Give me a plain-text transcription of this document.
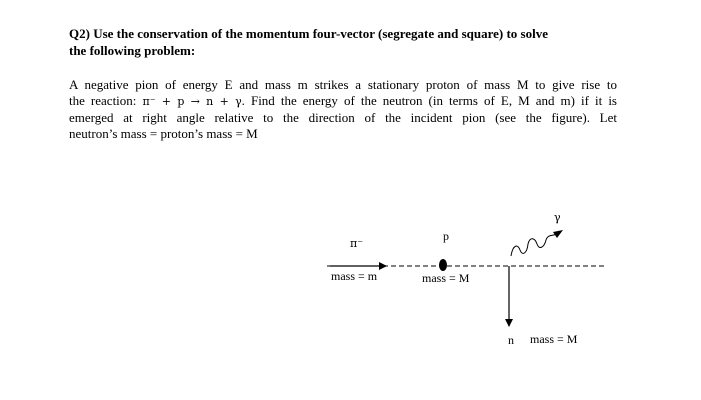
Q2) Use the conservation of the momentum four-vector (segregate and square) to solve
the following problem:
A negative pion of energy E and mass m strikes a stationary proton of mass M to give rise to
the reaction: π⁻ + p → n + γ. Find the energy of the neutron (in terms of E, M and m) if it is
emerged at right angle relative to the direction of the incident pion (see the figure). Let
neutron’s mass = proton’s mass = M
π⁻
mass = m
p
mass = M
γ
n mass = M
